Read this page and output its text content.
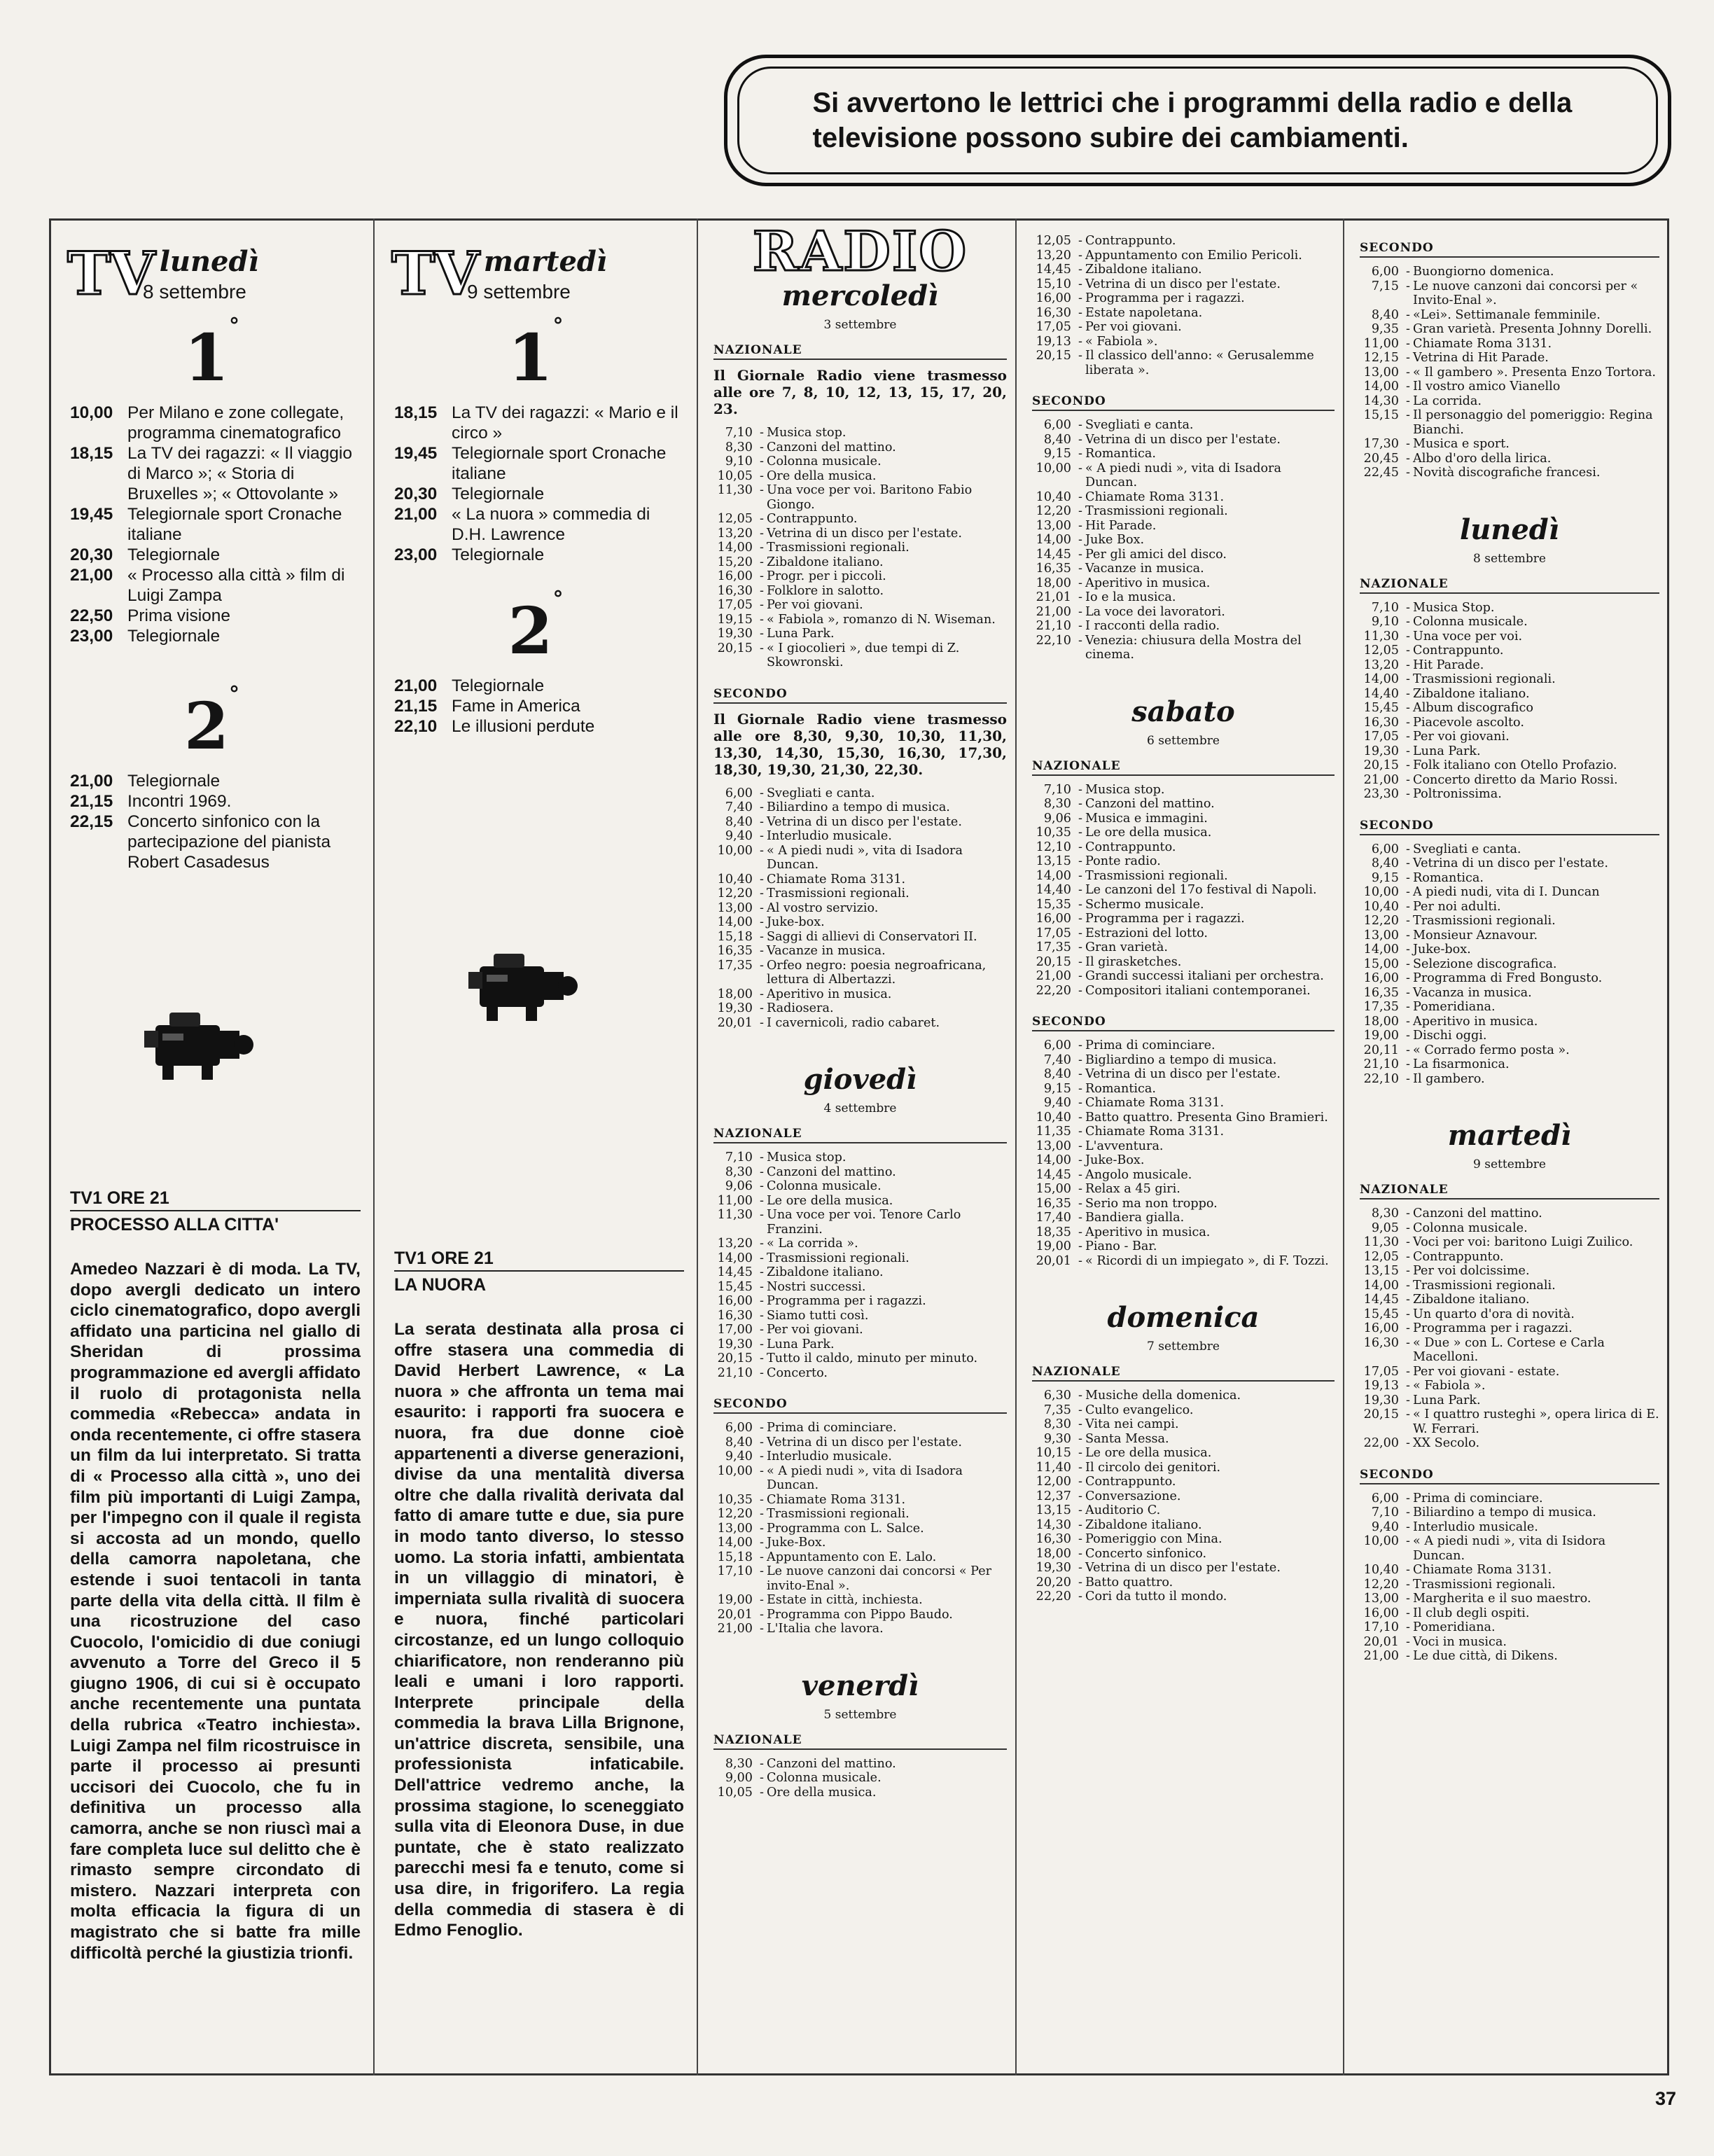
Si avvertono le lettrici che i programmi della radio e della televisione possono subire dei cambiamenti.
TV lunedì
8 settembre
1°
10,00 Per Milano e zone collegate, programma cinematografico
18,15 La TV dei ragazzi: « Il viaggio di Marco »; « Storia di Bruxelles »; « Ottovolante »
19,45 Telegiornale sport Cronache italiane
20,30 Telegiornale
21,00 « Processo alla città » film di Luigi Zampa
22,50 Prima visione
23,00 Telegiornale
2°
21,00 Telegiornale
21,15 Incontri 1969.
22,15 Concerto sinfonico con la partecipazione del pianista Robert Casadesus
TV1 ORE 21
PROCESSO ALLA CITTA'
Amedeo Nazzari è di moda. La TV, dopo avergli dedicato un intero ciclo cinematografico, dopo avergli affidato una particina nel giallo di Sheridan di prossima programmazione ed avergli affidato il ruolo di protagonista nella commedia «Rebecca» andata in onda recentemente, ci offre stasera un film da lui interpretato. Si tratta di « Processo alla città », uno dei film più importanti di Luigi Zampa, per l'impegno con il quale il regista si accosta ad un mondo, quello della camorra napoletana, che estende i suoi tentacoli in tanta parte della vita della città. Il film è una ricostruzione del caso Cuocolo, l'omicidio di due coniugi avvenuto a Torre del Greco il 5 giugno 1906, di cui si è occupato anche recentemente una puntata della rubrica «Teatro inchiesta». Luigi Zampa nel film ricostruisce in parte il processo ai presunti uccisori dei Cuocolo, che fu in definitiva un processo alla camorra, anche se non riuscì mai a fare completa luce sul delitto che è rimasto sempre circondato di mistero. Nazzari interpreta con molta efficacia la figura di un magistrato che si batte fra mille difficoltà perché la giustizia trionfi.
TV martedì
9 settembre
1°
18,15 La TV dei ragazzi: « Mario e il circo »
19,45 Telegiornale sport Cronache italiane
20,30 Telegiornale
21,00 « La nuora » commedia di D.H. Lawrence
23,00 Telegiornale
2°
21,00 Telegiornale
21,15 Fame in America
22,10 Le illusioni perdute
TV1 ORE 21
LA NUORA
La serata destinata alla prosa ci offre stasera una commedia di David Herbert Lawrence, « La nuora » che affronta un tema mai esaurito: i rapporti fra suocera e nuora, fra due donne cioè appartenenti a diverse generazioni, divise da una mentalità diversa oltre che dalla rivalità derivata dal fatto di amare tutte e due, sia pure in modo tanto diverso, lo stesso uomo. La storia infatti, ambientata in un villaggio di minatori, è imperniata sulla rivalità di suocera e nuora, finché particolari circostanze, ed un lungo colloquio chiarificatore, non renderanno più leali e umani i loro rapporti. Interprete principale della commedia la brava Lilla Brignone, un'attrice discreta, sensibile, una professionista infaticabile. Dell'attrice vedremo anche, la prossima stagione, lo sceneggiato sulla vita di Eleonora Duse, in due puntate, che è stato realizzato parecchi mesi fa e tenuto, come si usa dire, in frigorifero. La regia della commedia di stasera è di Edmo Fenoglio.
RADIO
mercoledì
3 settembre
NAZIONALE
Il Giornale Radio viene trasmesso alle ore 7, 8, 10, 12, 13, 15, 17, 20, 23.
7,10 - Musica stop.
8,30 - Canzoni del mattino.
9,10 - Colonna musicale.
10,05 - Ore della musica.
11,30 - Una voce per voi. Baritono Fabio Giongo.
12,05 - Contrappunto.
13,20 - Vetrina di un disco per l'estate.
14,00 - Trasmissioni regionali.
15,20 - Zibaldone italiano.
16,00 - Progr. per i piccoli.
16,30 - Folklore in salotto.
17,05 - Per voi giovani.
19,15 - « Fabiola », romanzo di N. Wiseman.
19,30 - Luna Park.
20,15 - « I giocolieri », due tempi di Z. Skowronski.
SECONDO
Il Giornale Radio viene trasmesso alle ore 8,30, 9,30, 10,30, 11,30, 13,30, 14,30, 15,30, 16,30, 17,30, 18,30, 19,30, 21,30, 22,30.
6,00 - Svegliati e canta.
7,40 - Biliardino a tempo di musica.
8,40 - Vetrina di un disco per l'estate.
9,40 - Interludio musicale.
10,00 - « A piedi nudi », vita di Isadora Duncan.
10,40 - Chiamate Roma 3131.
12,20 - Trasmissioni regionali.
13,00 - Al vostro servizio.
14,00 - Juke-box.
15,18 - Saggi di allievi di Conservatori II.
16,35 - Vacanze in musica.
17,35 - Orfeo negro: poesia negroafricana, lettura di Albertazzi.
18,00 - Aperitivo in musica.
19,30 - Radiosera.
20,01 - I cavernicoli, radio cabaret.
giovedì
4 settembre
NAZIONALE
7,10 - Musica stop.
8,30 - Canzoni del mattino.
9,06 - Colonna musicale.
11,00 - Le ore della musica.
11,30 - Una voce per voi. Tenore Carlo Franzini.
13,20 - « La corrida ».
14,00 - Trasmissioni regionali.
14,45 - Zibaldone italiano.
15,45 - Nostri successi.
16,00 - Programma per i ragazzi.
16,30 - Siamo tutti così.
17,00 - Per voi giovani.
19,30 - Luna Park.
20,15 - Tutto il caldo, minuto per minuto.
21,10 - Concerto.
SECONDO
6,00 - Prima di cominciare.
8,40 - Vetrina di un disco per l'estate.
9,40 - Interludio musicale.
10,00 - « A piedi nudi », vita di Isadora Duncan.
10,35 - Chiamate Roma 3131.
12,20 - Trasmissioni regionali.
13,00 - Programma con L. Salce.
14,00 - Juke-Box.
15,18 - Appuntamento con E. Lalo.
17,10 - Le nuove canzoni dai concorsi « Per invito-Enal ».
19,00 - Estate in città, inchiesta.
20,01 - Programma con Pippo Baudo.
21,00 - L'Italia che lavora.
venerdì
5 settembre
NAZIONALE
8,30 - Canzoni del mattino.
9,00 - Colonna musicale.
10,05 - Ore della musica.
12,05 - Contrappunto.
13,20 - Appuntamento con Emilio Pericoli.
14,45 - Zibaldone italiano.
15,10 - Vetrina di un disco per l'estate.
16,00 - Programma per i ragazzi.
16,30 - Estate napoletana.
17,05 - Per voi giovani.
19,13 - « Fabiola ».
20,15 - Il classico dell'anno: « Gerusalemme liberata ».
SECONDO
6,00 - Svegliati e canta.
8,40 - Vetrina di un disco per l'estate.
9,15 - Romantica.
10,00 - « A piedi nudi », vita di Isadora Duncan.
10,40 - Chiamate Roma 3131.
12,20 - Trasmissioni regionali.
13,00 - Hit Parade.
14,00 - Juke Box.
14,45 - Per gli amici del disco.
16,35 - Vacanze in musica.
18,00 - Aperitivo in musica.
21,01 - Io e la musica.
21,00 - La voce dei lavoratori.
21,10 - I racconti della radio.
22,10 - Venezia: chiusura della Mostra del cinema.
sabato
6 settembre
NAZIONALE
7,10 - Musica stop.
8,30 - Canzoni del mattino.
9,06 - Musica e immagini.
10,35 - Le ore della musica.
12,10 - Contrappunto.
13,15 - Ponte radio.
14,00 - Trasmissioni regionali.
14,40 - Le canzoni del 17o festival di Napoli.
15,35 - Schermo musicale.
16,00 - Programma per i ragazzi.
17,05 - Estrazioni del lotto.
17,35 - Gran varietà.
20,15 - Il girasketches.
21,00 - Grandi successi italiani per orchestra.
22,20 - Compositori italiani contemporanei.
SECONDO
6,00 - Prima di cominciare.
7,40 - Bigliardino a tempo di musica.
8,40 - Vetrina di un disco per l'estate.
9,15 - Romantica.
9,40 - Chiamate Roma 3131.
10,40 - Batto quattro. Presenta Gino Bramieri.
11,35 - Chiamate Roma 3131.
13,00 - L'avventura.
14,00 - Juke-Box.
14,45 - Angolo musicale.
15,00 - Relax a 45 giri.
16,35 - Serio ma non troppo.
17,40 - Bandiera gialla.
18,35 - Aperitivo in musica.
19,00 - Piano - Bar.
20,01 - « Ricordi di un impiegato », di F. Tozzi.
domenica
7 settembre
NAZIONALE
6,30 - Musiche della domenica.
7,35 - Culto evangelico.
8,30 - Vita nei campi.
9,30 - Santa Messa.
10,15 - Le ore della musica.
11,40 - Il circolo dei genitori.
12,00 - Contrappunto.
12,37 - Conversazione.
13,15 - Auditorio C.
14,30 - Zibaldone italiano.
16,30 - Pomeriggio con Mina.
18,00 - Concerto sinfonico.
19,30 - Vetrina di un disco per l'estate.
20,20 - Batto quattro.
22,20 - Cori da tutto il mondo.
SECONDO
6,00 - Buongiorno domenica.
7,15 - Le nuove canzoni dai concorsi per « Invito-Enal ».
8,40 - «Lei». Settimanale femminile.
9,35 - Gran varietà. Presenta Johnny Dorelli.
11,00 - Chiamate Roma 3131.
12,15 - Vetrina di Hit Parade.
13,00 - « Il gambero ». Presenta Enzo Tortora.
14,00 - Il vostro amico Vianello
14,30 - La corrida.
15,15 - Il personaggio del pomeriggio: Regina Bianchi.
17,30 - Musica e sport.
20,45 - Albo d'oro della lirica.
22,45 - Novità discografiche francesi.
lunedì
8 settembre
NAZIONALE
7,10 - Musica Stop.
9,10 - Colonna musicale.
11,30 - Una voce per voi.
12,05 - Contrappunto.
13,20 - Hit Parade.
14,00 - Trasmissioni regionali.
14,40 - Zibaldone italiano.
15,45 - Album discografico
16,30 - Piacevole ascolto.
17,05 - Per voi giovani.
19,30 - Luna Park.
20,15 - Folk italiano con Otello Profazio.
21,00 - Concerto diretto da Mario Rossi.
23,30 - Poltronissima.
SECONDO
6,00 - Svegliati e canta.
8,40 - Vetrina di un disco per l'estate.
9,15 - Romantica.
10,00 - A piedi nudi, vita di I. Duncan
10,40 - Per noi adulti.
12,20 - Trasmissioni regionali.
13,00 - Monsieur Aznavour.
14,00 - Juke-box.
15,00 - Selezione discografica.
16,00 - Programma di Fred Bongusto.
16,35 - Vacanza in musica.
17,35 - Pomeridiana.
18,00 - Aperitivo in musica.
19,00 - Dischi oggi.
20,11 - « Corrado fermo posta ».
21,10 - La fisarmonica.
22,10 - Il gambero.
martedì
9 settembre
NAZIONALE
8,30 - Canzoni del mattino.
9,05 - Colonna musicale.
11,30 - Voci per voi: baritono Luigi Zuilico.
12,05 - Contrappunto.
13,15 - Per voi dolcissime.
14,00 - Trasmissioni regionali.
14,45 - Zibaldone italiano.
15,45 - Un quarto d'ora di novità.
16,00 - Programma per i ragazzi.
16,30 - « Due » con L. Cortese e Carla Macelloni.
17,05 - Per voi giovani - estate.
19,13 - « Fabiola ».
19,30 - Luna Park.
20,15 - « I quattro rusteghi », opera lirica di E. W. Ferrari.
22,00 - XX Secolo.
SECONDO
6,00 - Prima di cominciare.
7,10 - Biliardino a tempo di musica.
9,40 - Interludio musicale.
10,00 - « A piedi nudi », vita di Isidora Duncan.
10,40 - Chiamate Roma 3131.
12,20 - Trasmissioni regionali.
13,00 - Margherita e il suo maestro.
16,00 - Il club degli ospiti.
17,10 - Pomeridiana.
20,01 - Voci in musica.
21,00 - Le due città, di Dikens.
37
